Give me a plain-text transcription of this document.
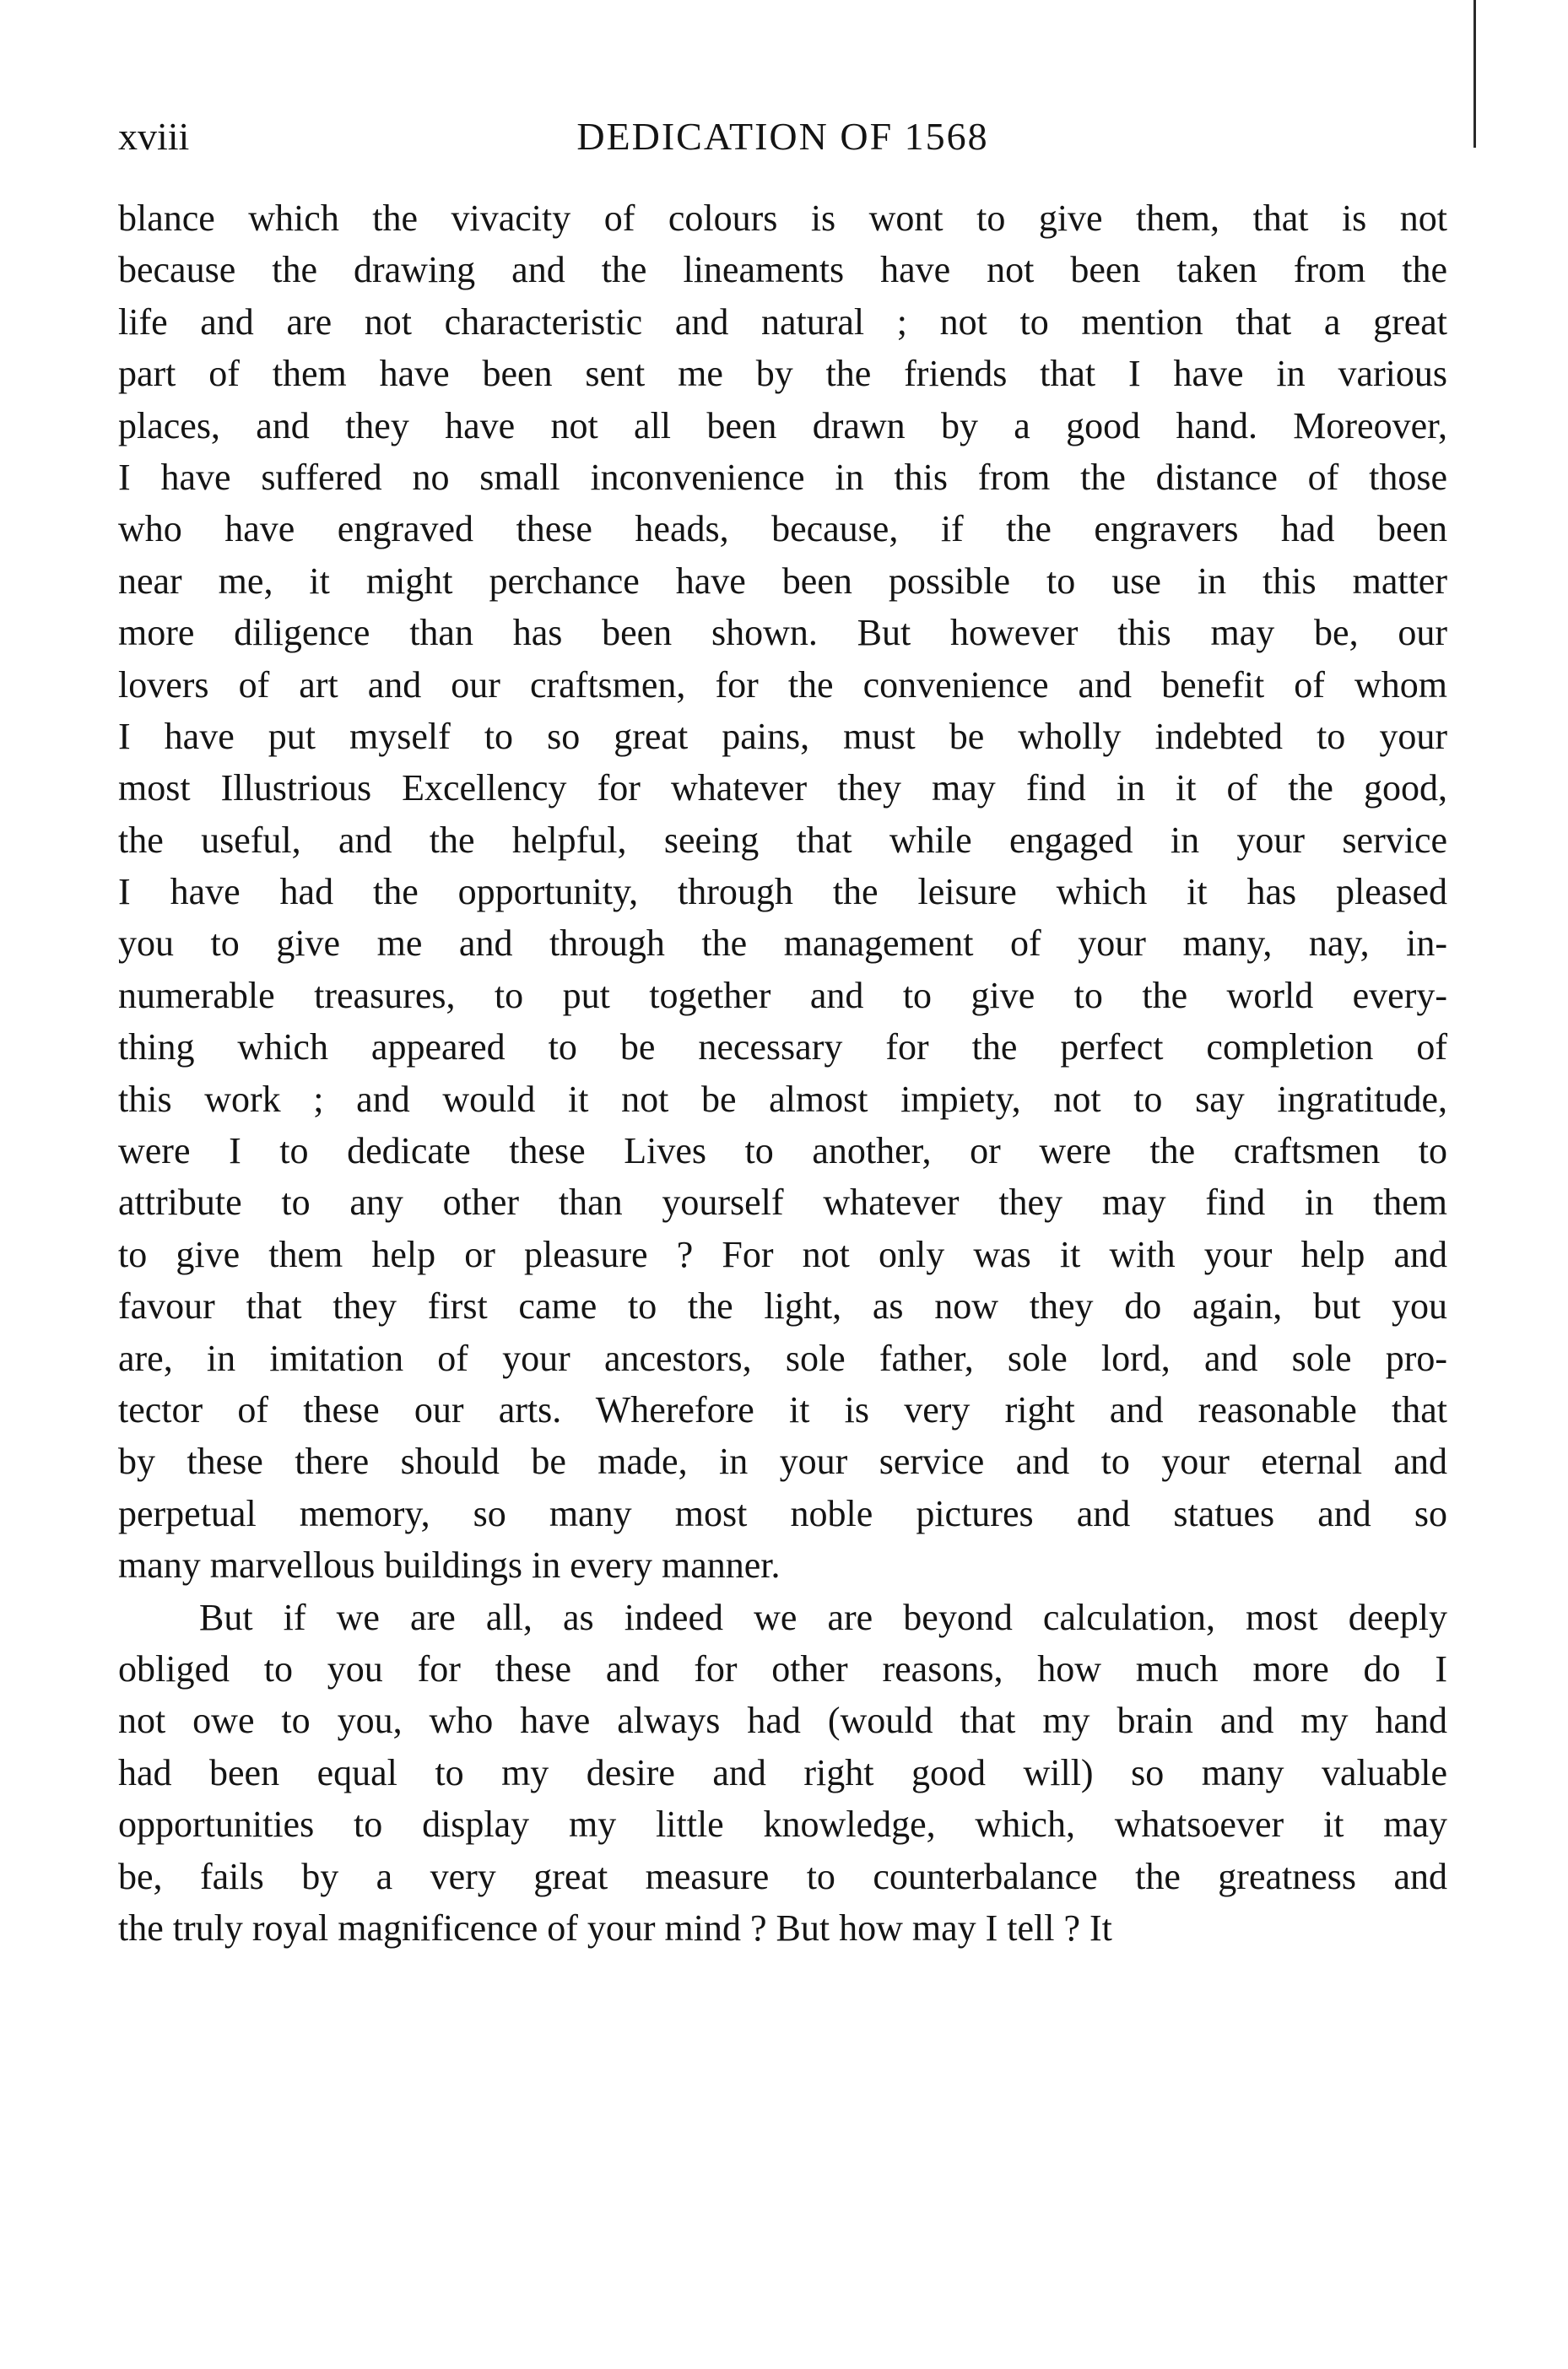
xviii	DEDICATION OF 1568
blance which the vivacity of colours is wont to give them, that is not
because the drawing and the lineaments have not been taken from the
life and are not characteristic and natural ; not to mention that a great
part of them have been sent me by the friends that I have in various
places, and they have not all been drawn by a good hand. Moreover,
I have suffered no small inconvenience in this from the distance of those
who have engraved these heads, because, if the engravers had been
near me, it might perchance have been possible to use in this matter
more diligence than has been shown. But however this may be, our
lovers of art and our craftsmen, for the convenience and benefit of whom
I have put myself to so great pains, must be wholly indebted to your
most Illustrious Excellency for whatever they may find in it of the good,
the useful, and the helpful, seeing that while engaged in your service
I have had the opportunity, through the leisure which it has pleased
you to give me and through the management of your many, nay, in-
numerable treasures, to put together and to give to the world every-
thing which appeared to be necessary for the perfect completion of
this work ; and would it not be almost impiety, not to say ingratitude,
were I to dedicate these Lives to another, or were the craftsmen to
attribute to any other than yourself whatever they may find in them
to give them help or pleasure ? For not only was it with your help and
favour that they first came to the light, as now they do again, but you
are, in imitation of your ancestors, sole father, sole lord, and sole pro-
tector of these our arts. Wherefore it is very right and reasonable that
by these there should be made, in your service and to your eternal and
perpetual memory, so many most noble pictures and statues and so
many marvellous buildings in every manner.
But if we are all, as indeed we are beyond calculation, most deeply
obliged to you for these and for other reasons, how much more do I
not owe to you, who have always had (would that my brain and my hand
had been equal to my desire and right good will) so many valuable
opportunities to display my little knowledge, which, whatsoever it may
be, fails by a very great measure to counterbalance the greatness and
the truly royal magnificence of your mind ? But how may I tell ? It
